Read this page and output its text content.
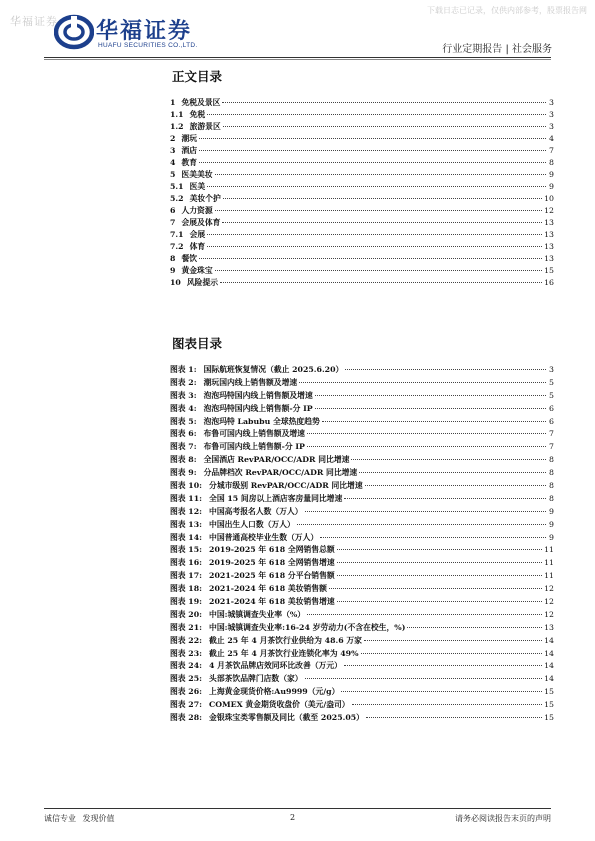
华福证券
下载日志已记录，仅供内部参考，股票报告网
华福证券
HUAFU SECURITIES CO.,LTD.	行业定期报告 | 社会服务
正文目录
1 免税及景区	3
1.1 免税	3
1.2 旅游景区	3
2 潮玩	4
3 酒店	7
4 教育	8
5 医美美妆	9
5.1 医美	9
5.2 美妆个护	10
6 人力资源	12
7 会展及体育	13
7.1 会展	13
7.2 体育	13
8 餐饮	13
9 黄金珠宝	15
10 风险提示	16
图表目录
图表 1: 国际航班恢复情况（截止 2025.6.20）	3
图表 2: 潮玩国内线上销售额及增速	5
图表 3: 泡泡玛特国内线上销售额及增速	5
图表 4: 泡泡玛特国内线上销售额-分 IP	6
图表 5: 泡泡玛特 Labubu 全球热度趋势	6
图表 6: 布鲁可国内线上销售额及增速	7
图表 7: 布鲁可国内线上销售额-分 IP	7
图表 8: 全国酒店 RevPAR/OCC/ADR 同比增速	8
图表 9: 分品牌档次 RevPAR/OCC/ADR 同比增速	8
图表 10: 分城市级别 RevPAR/OCC/ADR 同比增速	8
图表 11: 全国 15 间房以上酒店客房量同比增速	8
图表 12: 中国高考报名人数（万人）	9
图表 13: 中国出生人口数（万人）	9
图表 14: 中国普通高校毕业生数（万人）	9
图表 15: 2019-2025 年 618 全网销售总额	11
图表 16: 2019-2025 年 618 全网销售增速	11
图表 17: 2021-2025 年 618 分平台销售额	11
图表 18: 2021-2024 年 618 美妆销售额	12
图表 19: 2021-2024 年 618 美妆销售增速	12
图表 20: 中国:城镇调查失业率（%）	12
图表 21: 中国:城镇调查失业率:16-24 岁劳动力(不含在校生，%)	13
图表 22: 截止 25 年 4 月茶饮行业供给为 48.6 万家	14
图表 23: 截止 25 年 4 月茶饮行业连锁化率为 49%	14
图表 24: 4 月茶饮品牌店效同环比改善（万元）	14
图表 25: 头部茶饮品牌门店数（家）	14
图表 26: 上海黄金现货价格:Au9999（元/g）	15
图表 27: COMEX 黄金期货收盘价（美元/盎司）	15
图表 28: 金银珠宝类零售额及同比（截至 2025.05）	15
诚信专业 发现价值	2	请务必阅读报告末页的声明
